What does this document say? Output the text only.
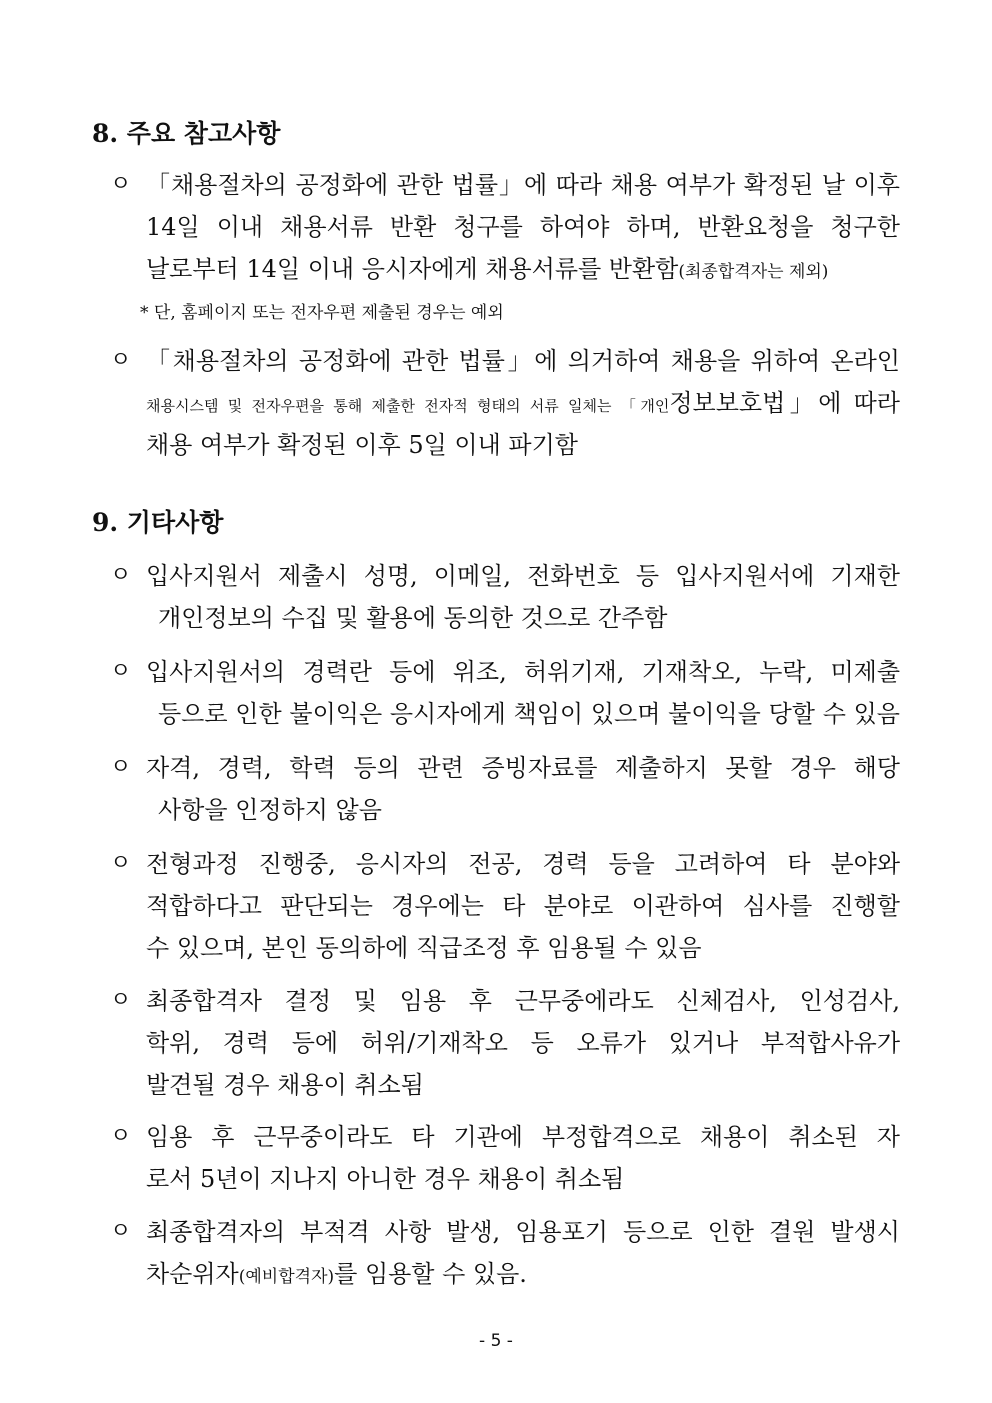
8. 주요 참고사항
ㅇ 「채용절차의 공정화에 관한 법률」에 따라 채용 여부가 확정된 날 이후
14일 이내 채용서류 반환 청구를 하여야 하며, 반환요청을 청구한
날로부터 14일 이내 응시자에게 채용서류를 반환함(최종합격자는 제외)
* 단, 홈페이지 또는 전자우편 제출된 경우는 예외
ㅇ 「채용절차의 공정화에 관한 법률」에 의거하여 채용을 위하여 온라인
채용시스템 및 전자우편을 통해 제출한 전자적 형태의 서류 일체는 「개인정보보호법」에 따라
채용 여부가 확정된 이후 5일 이내 파기함
9. 기타사항
ㅇ 입사지원서 제출시 성명, 이메일, 전화번호 등 입사지원서에 기재한
개인정보의 수집 및 활용에 동의한 것으로 간주함
ㅇ 입사지원서의 경력란 등에 위조, 허위기재, 기재착오, 누락, 미제출
등으로 인한 불이익은 응시자에게 책임이 있으며 불이익을 당할 수 있음
ㅇ 자격, 경력, 학력 등의 관련 증빙자료를 제출하지 못할 경우 해당
사항을 인정하지 않음
ㅇ 전형과정 진행중, 응시자의 전공, 경력 등을 고려하여 타 분야와
적합하다고 판단되는 경우에는 타 분야로 이관하여 심사를 진행할
수 있으며, 본인 동의하에 직급조정 후 임용될 수 있음
ㅇ 최종합격자 결정 및 임용 후 근무중에라도 신체검사, 인성검사,
학위, 경력 등에 허위/기재착오 등 오류가 있거나 부적합사유가
발견될 경우 채용이 취소됨
ㅇ 임용 후 근무중이라도 타 기관에 부정합격으로 채용이 취소된 자
로서 5년이 지나지 아니한 경우 채용이 취소됨
ㅇ 최종합격자의 부적격 사항 발생, 임용포기 등으로 인한 결원 발생시
차순위자(예비합격자)를 임용할 수 있음.
- 5 -
